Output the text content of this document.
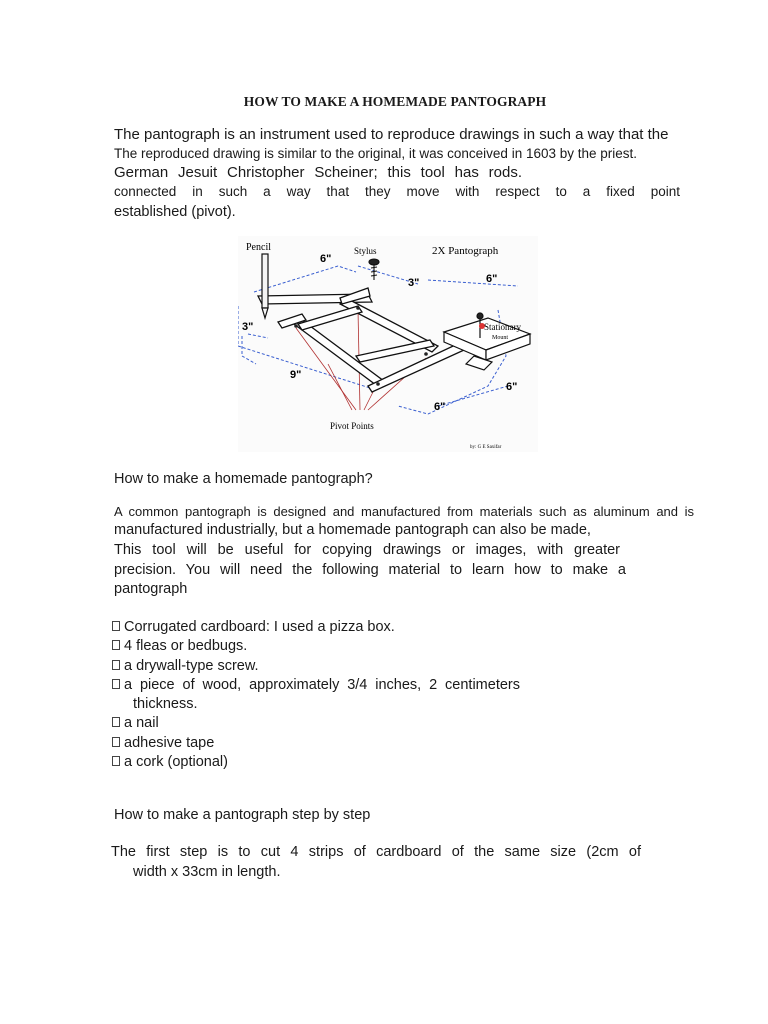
HOW TO MAKE A HOMEMADE PANTOGRAPH
The pantograph is an instrument used to reproduce drawings in such a way that the
The reproduced drawing is similar to the original, it was conceived in 1603 by the priest.
German Jesuit Christopher Scheiner; this tool has rods.
connected in such a way that they move with respect to a fixed point
established (pivot).
Pencil	Stylus	2X Pantograph
Stationary
Mount
Pivot Points
by: G E Saxifar
6"
3"	6"
3"
9"
6"
6"
How to make a homemade pantograph?
A common pantograph is designed and manufactured from materials such as aluminum and is
manufactured industrially, but a homemade pantograph can also be made,
This tool will be useful for copying drawings or images, with greater
precision. You will need the following material to learn how to make a
pantograph
Corrugated cardboard: I used a pizza box.
4 fleas or bedbugs.
a drywall-type screw.
a piece of wood, approximately 3/4 inches, 2 centimeters
thickness.
a nail
adhesive tape
a cork (optional)
How to make a pantograph step by step
The first step is to cut 4 strips of cardboard of the same size (2cm of
width x 33cm in length.
